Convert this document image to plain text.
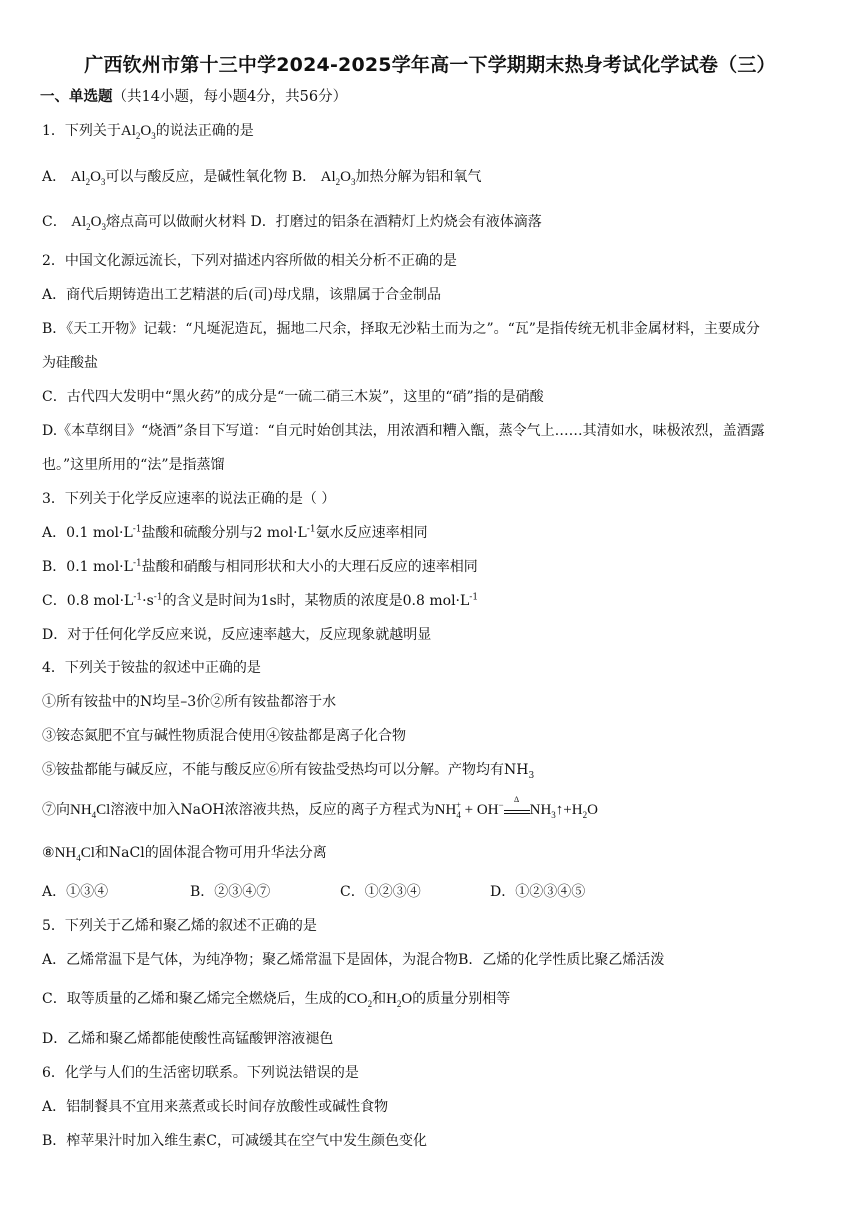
广西钦州市第十三中学2024-2025学年高一下学期期末热身考试化学试卷（三）
一、单选题（共14小题，每小题4分，共56分）
1．下列关于$Al_2O_3$的说法正确的是
A． $Al_2O_3$可以与酸反应，是碱性氧化物 B． $Al_2O_3$加热分解为铝和氧气
C． $Al_2O_3$熔点高可以做耐火材料 D．打磨过的铝条在酒精灯上灼烧会有液体滴落
2．中国文化源远流长，下列对描述内容所做的相关分析不正确的是
A．商代后期铸造出工艺精湛的后(司)母戊鼎，该鼎属于合金制品
B．《天工开物》记载：“凡埏泥造瓦，掘地二尺余，择取无沙粘土而为之”。“瓦”是指传统无机非金属材料，主要成分
为硅酸盐
C．古代四大发明中“黑火药”的成分是“一硫二硝三木炭”，这里的“硝”指的是硝酸
D.《本草纲目》“烧酒”条目下写道：“自元时始创其法，用浓酒和糟入甑，蒸令气上……其清如水，味极浓烈，盖酒露
也。”这里所用的“法”是指蒸馏
3．下列关于化学反应速率的说法正确的是（ ）
A．0.1 $mol\cdot L^{-1}$盐酸和硫酸分别与2 $mol\cdot L^{-1}$氨水反应速率相同
B．0.1 $mol\cdot L^{-1}$盐酸和硝酸与相同形状和大小的大理石反应的速率相同
C．0.8 $mol\cdot L^{-1}\cdot s^{-1}$的含义是时间为1s时，某物质的浓度是0.8 $mol\cdot L^{-1}$
D．对于任何化学反应来说，反应速率越大，反应现象就越明显
4．下列关于铵盐的叙述中正确的是
①所有铵盐中的N均呈–3价②所有铵盐都溶于水
③铵态氮肥不宜与碱性物质混合使用④铵盐都是离子化合物
⑤铵盐都能与碱反应，不能与酸反应⑥所有铵盐受热均可以分解。产物均有$NH_3$
⑦向$NH_4Cl$溶液中加入NaOH浓溶液共热，反应的离子方程式为$NH_4^+ + OH^-$
Δ
$NH_3↑+H_2O$
$⑧NH_4Cl$和NaCl的固体混合物可用升华法分离
A．①③④	B．②③④⑦	C．①②③④	D．①②③④⑤
5．下列关于乙烯和聚乙烯的叙述不正确的是
A．乙烯常温下是气体，为纯净物；聚乙烯常温下是固体，为混合物B．乙烯的化学性质比聚乙烯活泼
C．取等质量的乙烯和聚乙烯完全燃烧后，生成的$CO_2$和$H_2O$的质量分别相等
D．乙烯和聚乙烯都能使酸性高锰酸钾溶液褪色
6．化学与人们的生活密切联系。下列说法错误的是
A．铝制餐具不宜用来蒸煮或长时间存放酸性或碱性食物
B．榨苹果汁时加入维生素C，可减缓其在空气中发生颜色变化
